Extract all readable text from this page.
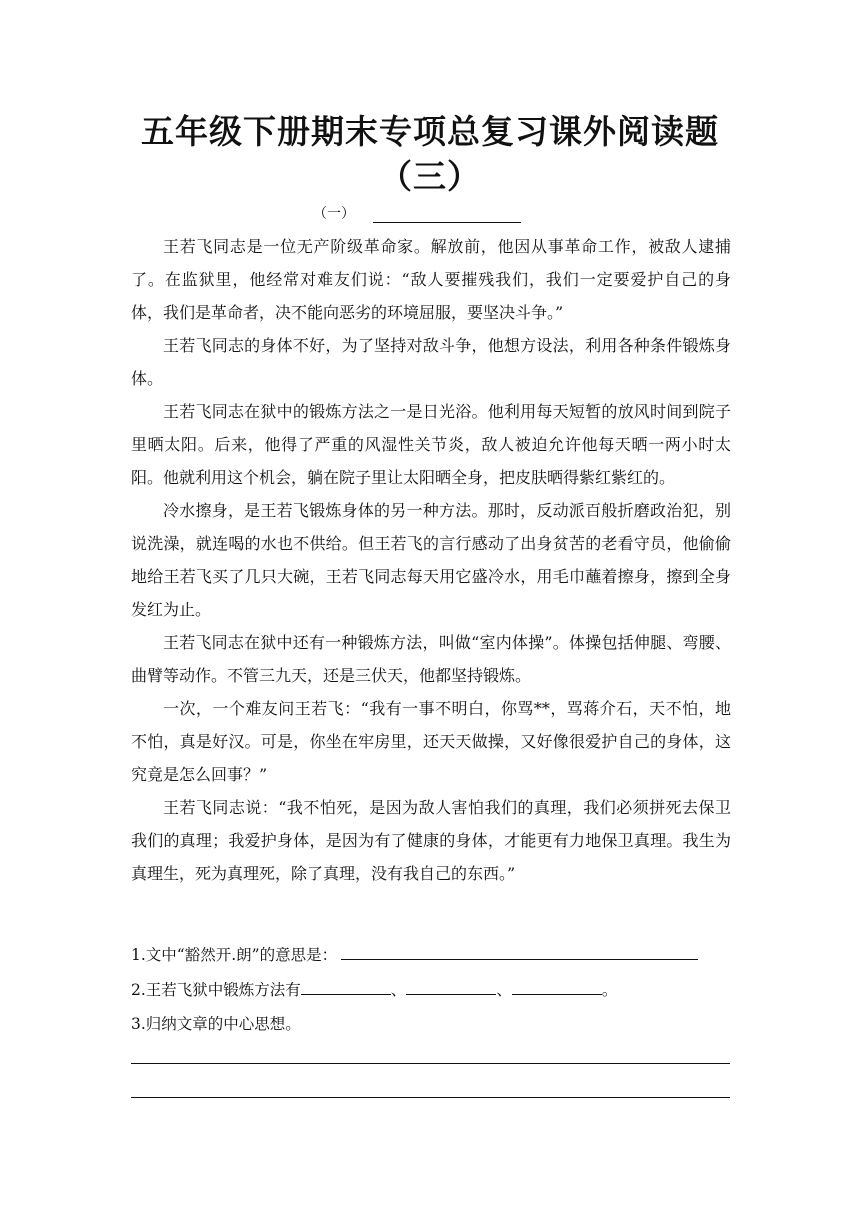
五年级下册期末专项总复习课外阅读题
（三）
（一）

王若飞同志是一位无产阶级革命家。解放前，他因从事革命工作，被敌人逮捕了。在监狱里，他经常对难友们说：“敌人要摧残我们，我们一定要爱护自己的身体，我们是革命者，决不能向恶劣的环境屈服，要坚决斗争。”

王若飞同志的身体不好，为了坚持对敌斗争，他想方设法，利用各种条件锻炼身体。

王若飞同志在狱中的锻炼方法之一是日光浴。他利用每天短暂的放风时间到院子里晒太阳。后来，他得了严重的风湿性关节炎，敌人被迫允许他每天晒一两小时太阳。他就利用这个机会，躺在院子里让太阳晒全身，把皮肤晒得紫红紫红的。

冷水擦身，是王若飞锻炼身体的另一种方法。那时，反动派百般折磨政治犯，别说洗澡，就连喝的水也不供给。但王若飞的言行感动了出身贫苦的老看守员，他偷偷地给王若飞买了几只大碗，王若飞同志每天用它盛冷水，用毛巾蘸着擦身，擦到全身发红为止。

王若飞同志在狱中还有一种锻炼方法，叫做“室内体操”。体操包括伸腿、弯腰、曲臂等动作。不管三九天，还是三伏天，他都坚持锻炼。

一次，一个难友问王若飞：“我有一事不明白，你骂**，骂蒋介石，天不怕，地不怕，真是好汉。可是，你坐在牢房里，还天天做操，又好像很爱护自己的身体，这究竟是怎么回事？”

王若飞同志说：“我不怕死，是因为敌人害怕我们的真理，我们必须拼死去保卫我们的真理；我爱护身体，是因为有了健康的身体，才能更有力地保卫真理。我生为真理生，死为真理死，除了真理，没有我自己的东西。”

1.文中“豁然开.朗”的意思是：
2.王若飞狱中锻炼方法有	、	、	。
3.归纳文章的中心思想。
